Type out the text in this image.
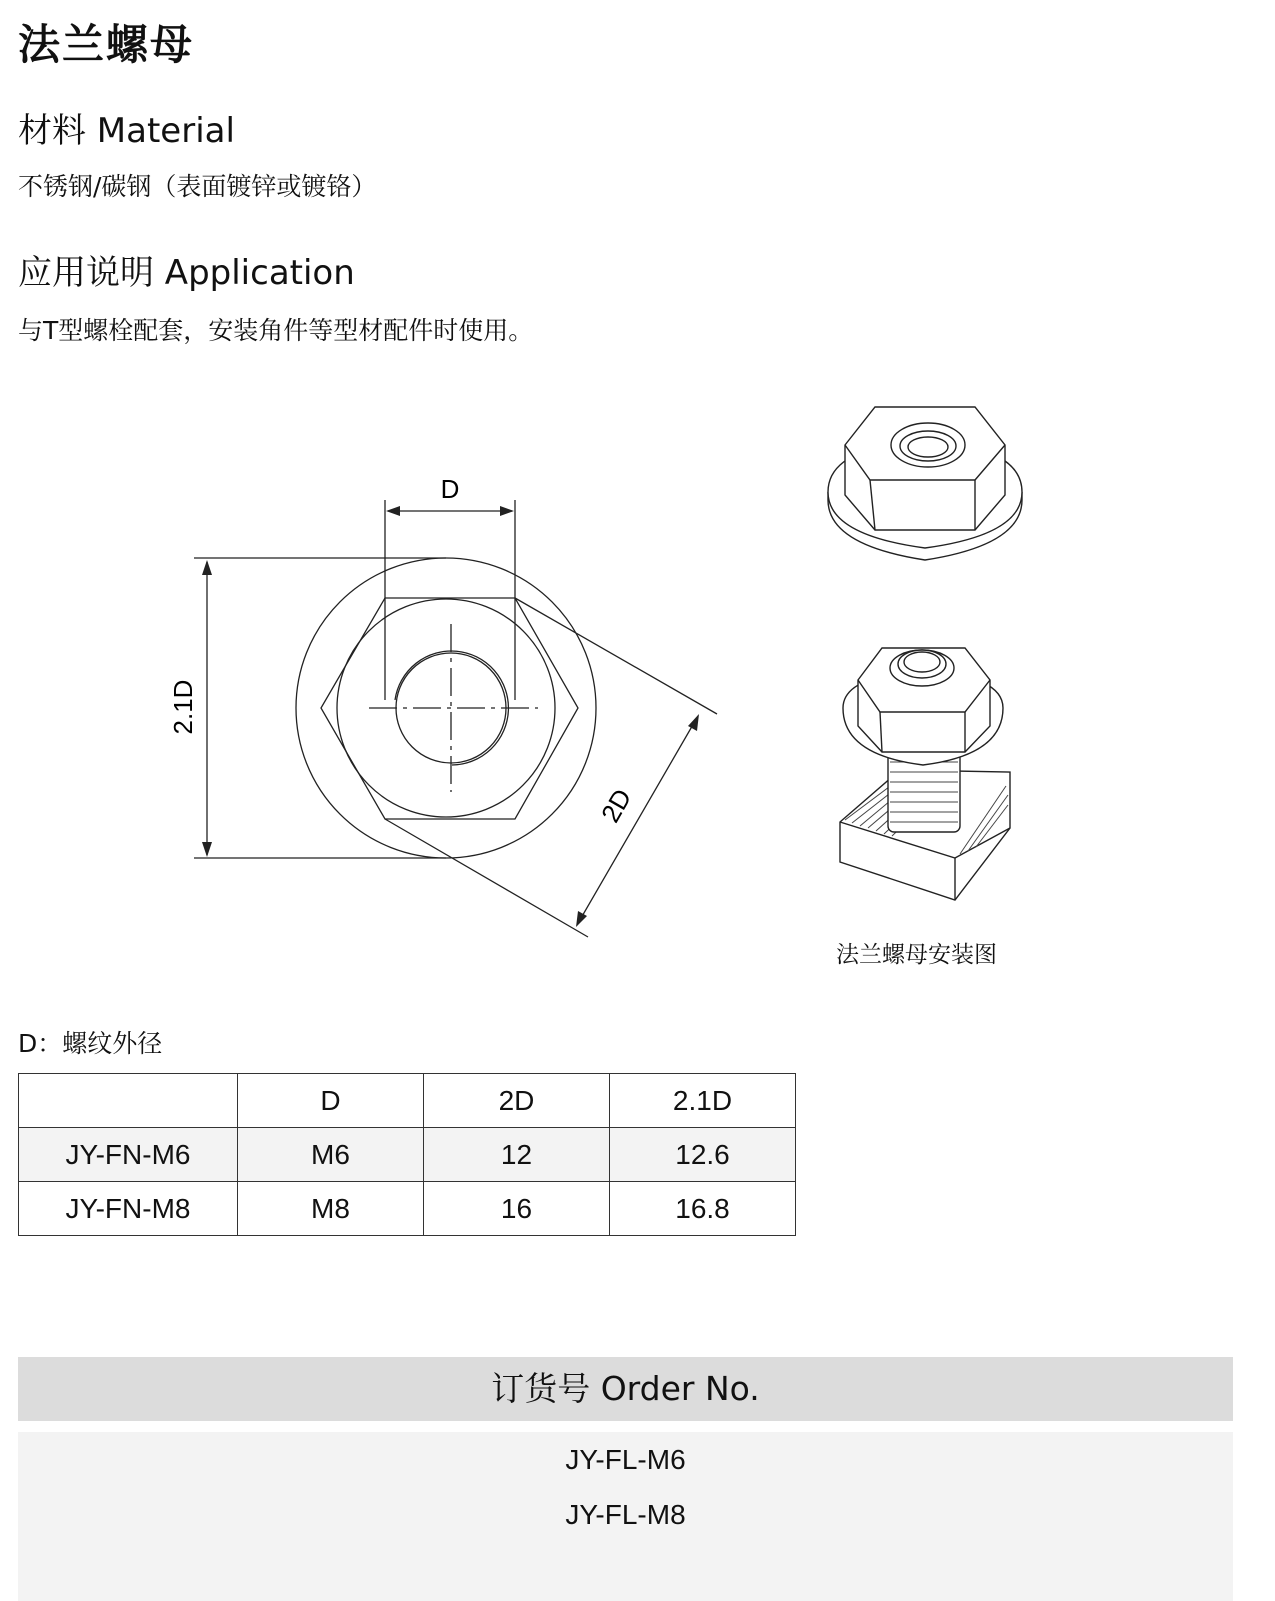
法兰螺母
材料 Material
不锈钢/碳钢（表面镀锌或镀铬）
应用说明 Application
与T型螺栓配套，安装角件等型材配件时使用。
D
2.1D
2D
法兰螺母安装图
D：螺纹外径
	D	2D	2.1D
JY-FN-M6	M6	12	12.6
JY-FN-M8	M8	16	16.8
订货号 Order No.
JY-FL-M6
JY-FL-M8
